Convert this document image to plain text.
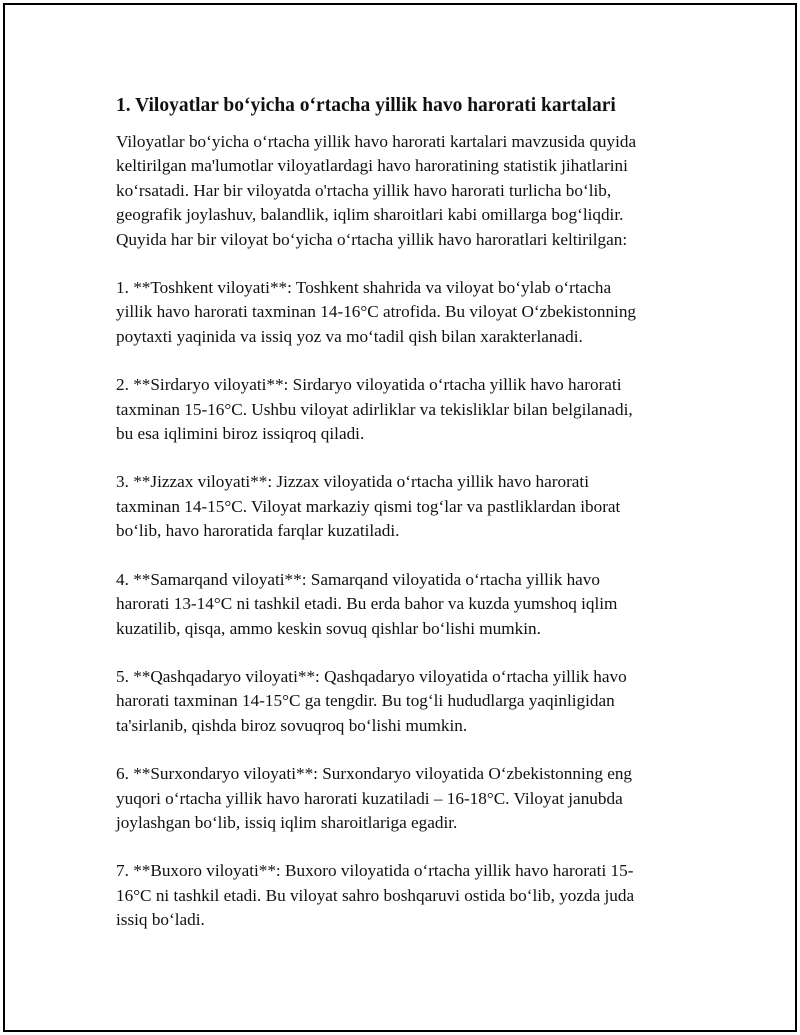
1. Viloyatlar bo‘yicha o‘rtacha yillik havo harorati kartalari

Viloyatlar bo‘yicha o‘rtacha yillik havo harorati kartalari mavzusida quyida
keltirilgan ma'lumotlar viloyatlardagi havo haroratining statistik jihatlarini
ko‘rsatadi. Har bir viloyatda o'rtacha yillik havo harorati turlicha bo‘lib,
geografik joylashuv, balandlik, iqlim sharoitlari kabi omillarga bog‘liqdir.
Quyida har bir viloyat bo‘yicha o‘rtacha yillik havo haroratlari keltirilgan:

1. **Toshkent viloyati**: Toshkent shahrida va viloyat bo‘ylab o‘rtacha
yillik havo harorati taxminan 14-16°C atrofida. Bu viloyat O‘zbekistonning
poytaxti yaqinida va issiq yoz va mo‘tadil qish bilan xarakterlanadi.

2. **Sirdaryo viloyati**: Sirdaryo viloyatida o‘rtacha yillik havo harorati
taxminan 15-16°C. Ushbu viloyat adirliklar va tekisliklar bilan belgilanadi,
bu esa iqlimini biroz issiqroq qiladi.

3. **Jizzax viloyati**: Jizzax viloyatida o‘rtacha yillik havo harorati
taxminan 14-15°C. Viloyat markaziy qismi tog‘lar va pastliklardan iborat
bo‘lib, havo haroratida farqlar kuzatiladi.

4. **Samarqand viloyati**: Samarqand viloyatida o‘rtacha yillik havo
harorati 13-14°C ni tashkil etadi. Bu erda bahor va kuzda yumshoq iqlim
kuzatilib, qisqa, ammo keskin sovuq qishlar bo‘lishi mumkin.

5. **Qashqadaryo viloyati**: Qashqadaryo viloyatida o‘rtacha yillik havo
harorati taxminan 14-15°C ga tengdir. Bu tog‘li hududlarga yaqinligidan
ta'sirlanib, qishda biroz sovuqroq bo‘lishi mumkin.

6. **Surxondaryo viloyati**: Surxondaryo viloyatida O‘zbekistonning eng
yuqori o‘rtacha yillik havo harorati kuzatiladi – 16-18°C. Viloyat janubda
joylashgan bo‘lib, issiq iqlim sharoitlariga egadir.

7. **Buxoro viloyati**: Buxoro viloyatida o‘rtacha yillik havo harorati 15-
16°C ni tashkil etadi. Bu viloyat sahro boshqaruvi ostida bo‘lib, yozda juda
issiq bo‘ladi.
